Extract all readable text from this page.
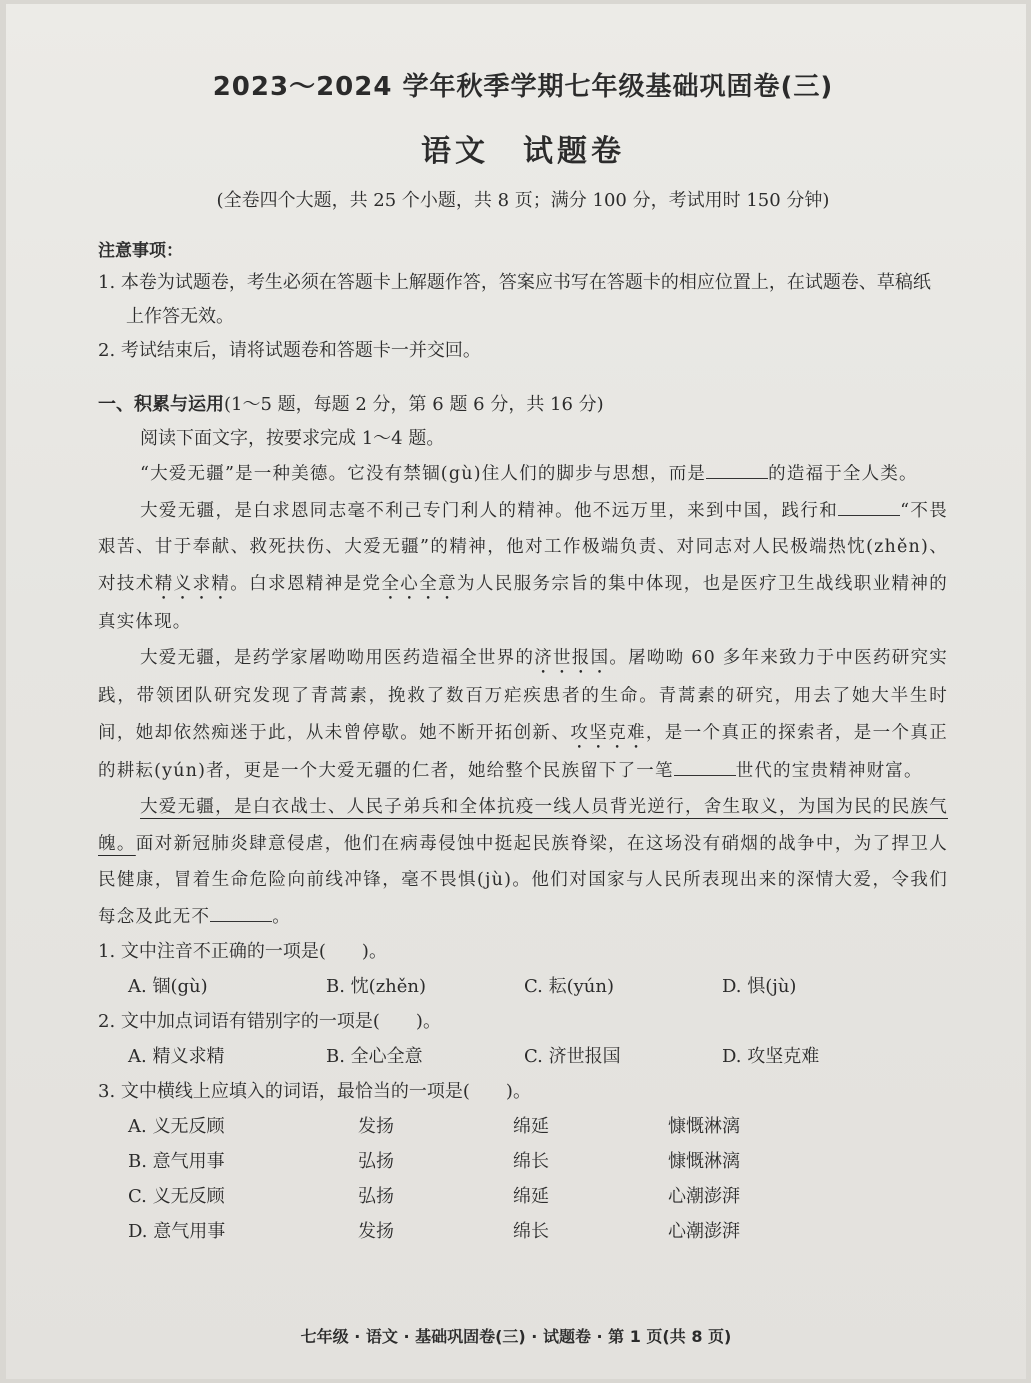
2023～2024 学年秋季学期七年级基础巩固卷(三)
语文　试题卷
(全卷四个大题，共 25 个小题，共 8 页；满分 100 分，考试用时 150 分钟)
注意事项：
1. 本卷为试题卷，考生必须在答题卡上解题作答，答案应书写在答题卡的相应位置上，在试题卷、草稿纸上作答无效。
2. 考试结束后，请将试题卷和答题卡一并交回。
一、积累与运用(1～5 题，每题 2 分，第 6 题 6 分，共 16 分)
阅读下面文字，按要求完成 1～4 题。

“大爱无疆”是一种美德。它没有禁锢(gù)住人们的脚步与思想，而是	的造福于全人类。

大爱无疆，是白求恩同志毫不利己专门利人的精神。他不远万里，来到中国，践行和	“不畏艰苦、甘于奉献、救死扶伤、大爱无疆”的精神，他对工作极端负责、对同志对人民极端热忱(zhěn)、对技术精义求精。白求恩精神是党全心全意为人民服务宗旨的集中体现，也是医疗卫生战线职业精神的真实体现。

大爱无疆，是药学家屠呦呦用医药造福全世界的济世报国。屠呦呦 60 多年来致力于中医药研究实践，带领团队研究发现了青蒿素，挽救了数百万疟疾患者的生命。青蒿素的研究，用去了她大半生时间，她却依然痴迷于此，从未曾停歇。她不断开拓创新、攻坚克难，是一个真正的探索者，是一个真正的耕耘(yún)者，更是一个大爱无疆的仁者，她给整个民族留下了一笔	世代的宝贵精神财富。

大爱无疆，是白衣战士、人民子弟兵和全体抗疫一线人员背光逆行，舍生取义，为国为民的民族气魄。面对新冠肺炎肆意侵虐，他们在病毒侵蚀中挺起民族脊梁，在这场没有硝烟的战争中，为了捍卫人民健康，冒着生命危险向前线冲锋，毫不畏惧(jù)。他们对国家与人民所表现出来的深情大爱，令我们每念及此无不	。

1. 文中注音不正确的一项是(　　)。
A. 锢(gù)	B. 忱(zhěn)	C. 耘(yún)	D. 惧(jù)
2. 文中加点词语有错别字的一项是(　　)。
A. 精义求精	B. 全心全意	C. 济世报国	D. 攻坚克难
3. 文中横线上应填入的词语，最恰当的一项是(　　)。
A. 义无反顾	发扬	绵延	慷慨淋漓
B. 意气用事	弘扬	绵长	慷慨淋漓
C. 义无反顾	弘扬	绵延	心潮澎湃
D. 意气用事	发扬	绵长	心潮澎湃
七年级 · 语文 · 基础巩固卷(三) · 试题卷 · 第 1 页(共 8 页)
